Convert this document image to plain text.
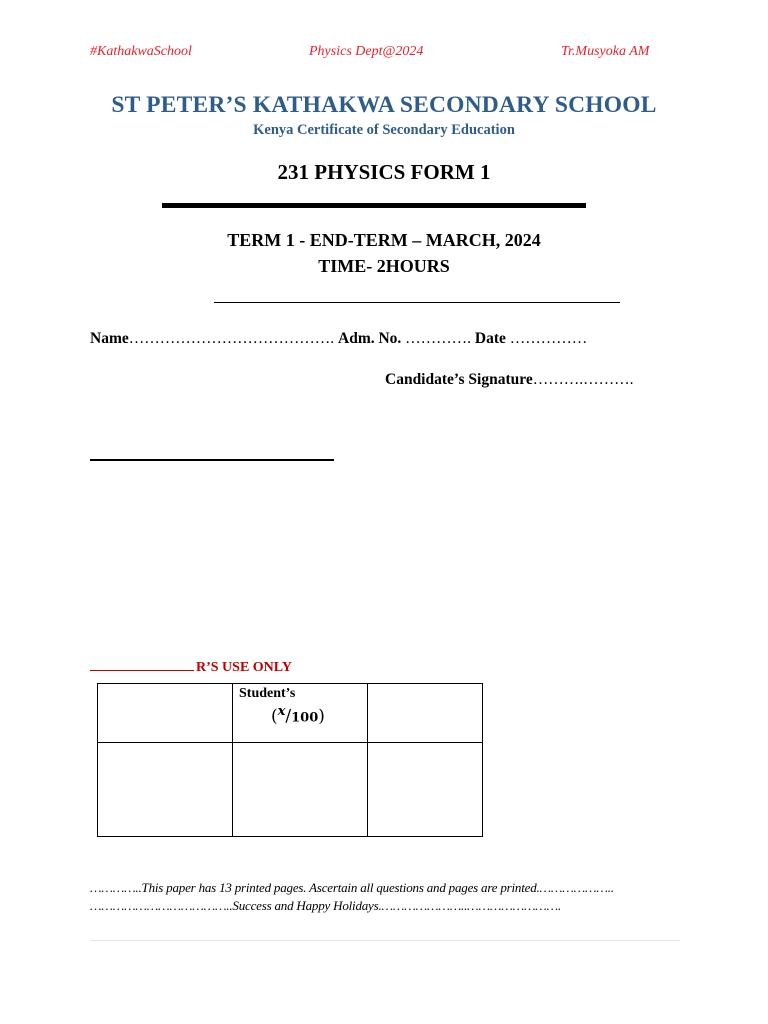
#KathakwaSchool	Physics Dept@2024	Tr.Musyoka AM
ST PETER’S KATHAKWA SECONDARY SCHOOL
Kenya Certificate of Secondary Education
231 PHYSICS FORM 1
TERM 1 - END-TERM – MARCH, 2024
TIME- 2HOURS
Name…………………………………. Adm. No. …………. Date ……………
Candidate’s Signature……….……….
R’S USE ONLY

	Student’s
($^x$/100)	

…………..This paper has 13 printed pages. Ascertain all questions and pages are printed.………………..
………………………………..Success and Happy Holidays.…………………..…………………….
